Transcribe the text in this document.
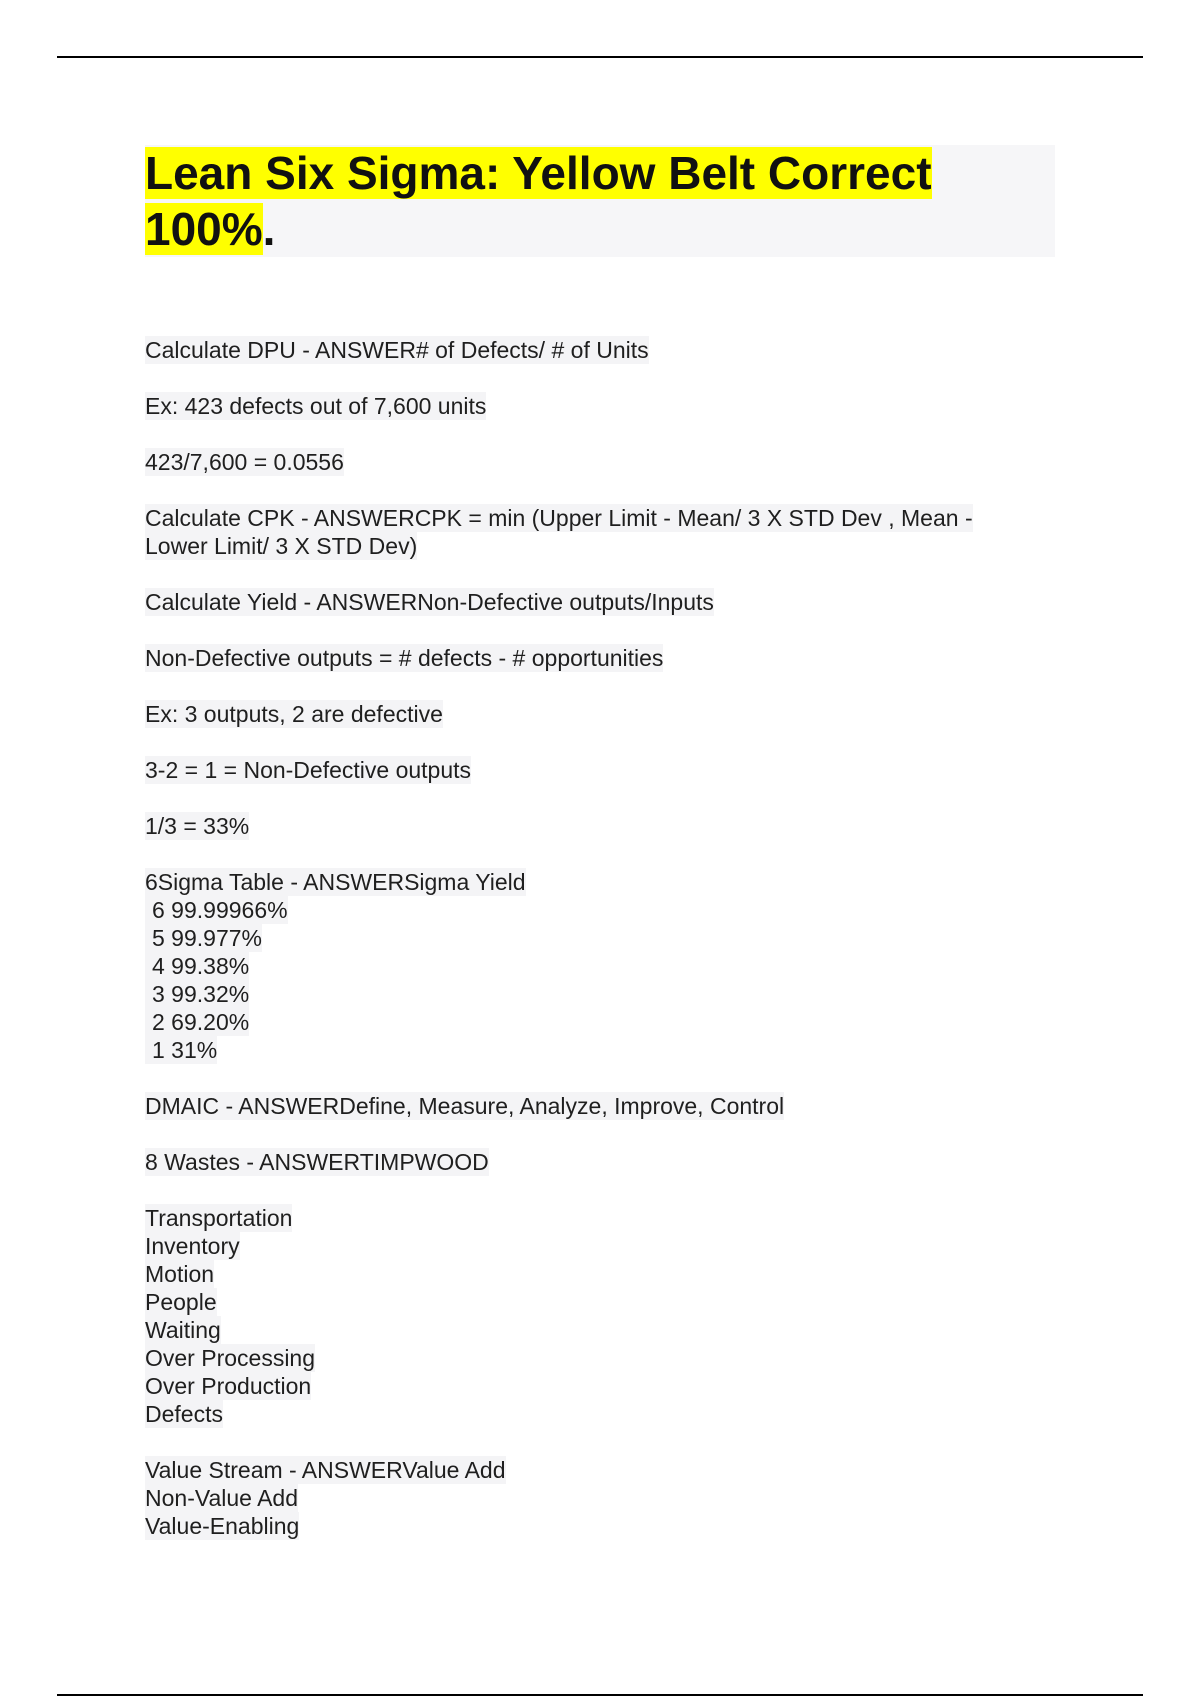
Lean Six Sigma: Yellow Belt Correct 100%.

Calculate DPU - ANSWER# of Defects/ # of Units

Ex: 423 defects out of 7,600 units

423/7,600 = 0.0556

Calculate CPK - ANSWERCPK = min (Upper Limit - Mean/ 3 X STD Dev , Mean -
Lower Limit/ 3 X STD Dev)

Calculate Yield - ANSWERNon-Defective outputs/Inputs

Non-Defective outputs = # defects - # opportunities

Ex: 3 outputs, 2 are defective

3-2 = 1 = Non-Defective outputs

1/3 = 33%

6Sigma Table - ANSWERSigma Yield
6 99.99966%
5 99.977%
4 99.38%
3 99.32%
2 69.20%
1 31%

DMAIC - ANSWERDefine, Measure, Analyze, Improve, Control

8 Wastes - ANSWERTIMPWOOD

Transportation
Inventory
Motion
People
Waiting
Over Processing
Over Production
Defects

Value Stream - ANSWERValue Add
Non-Value Add
Value-Enabling
